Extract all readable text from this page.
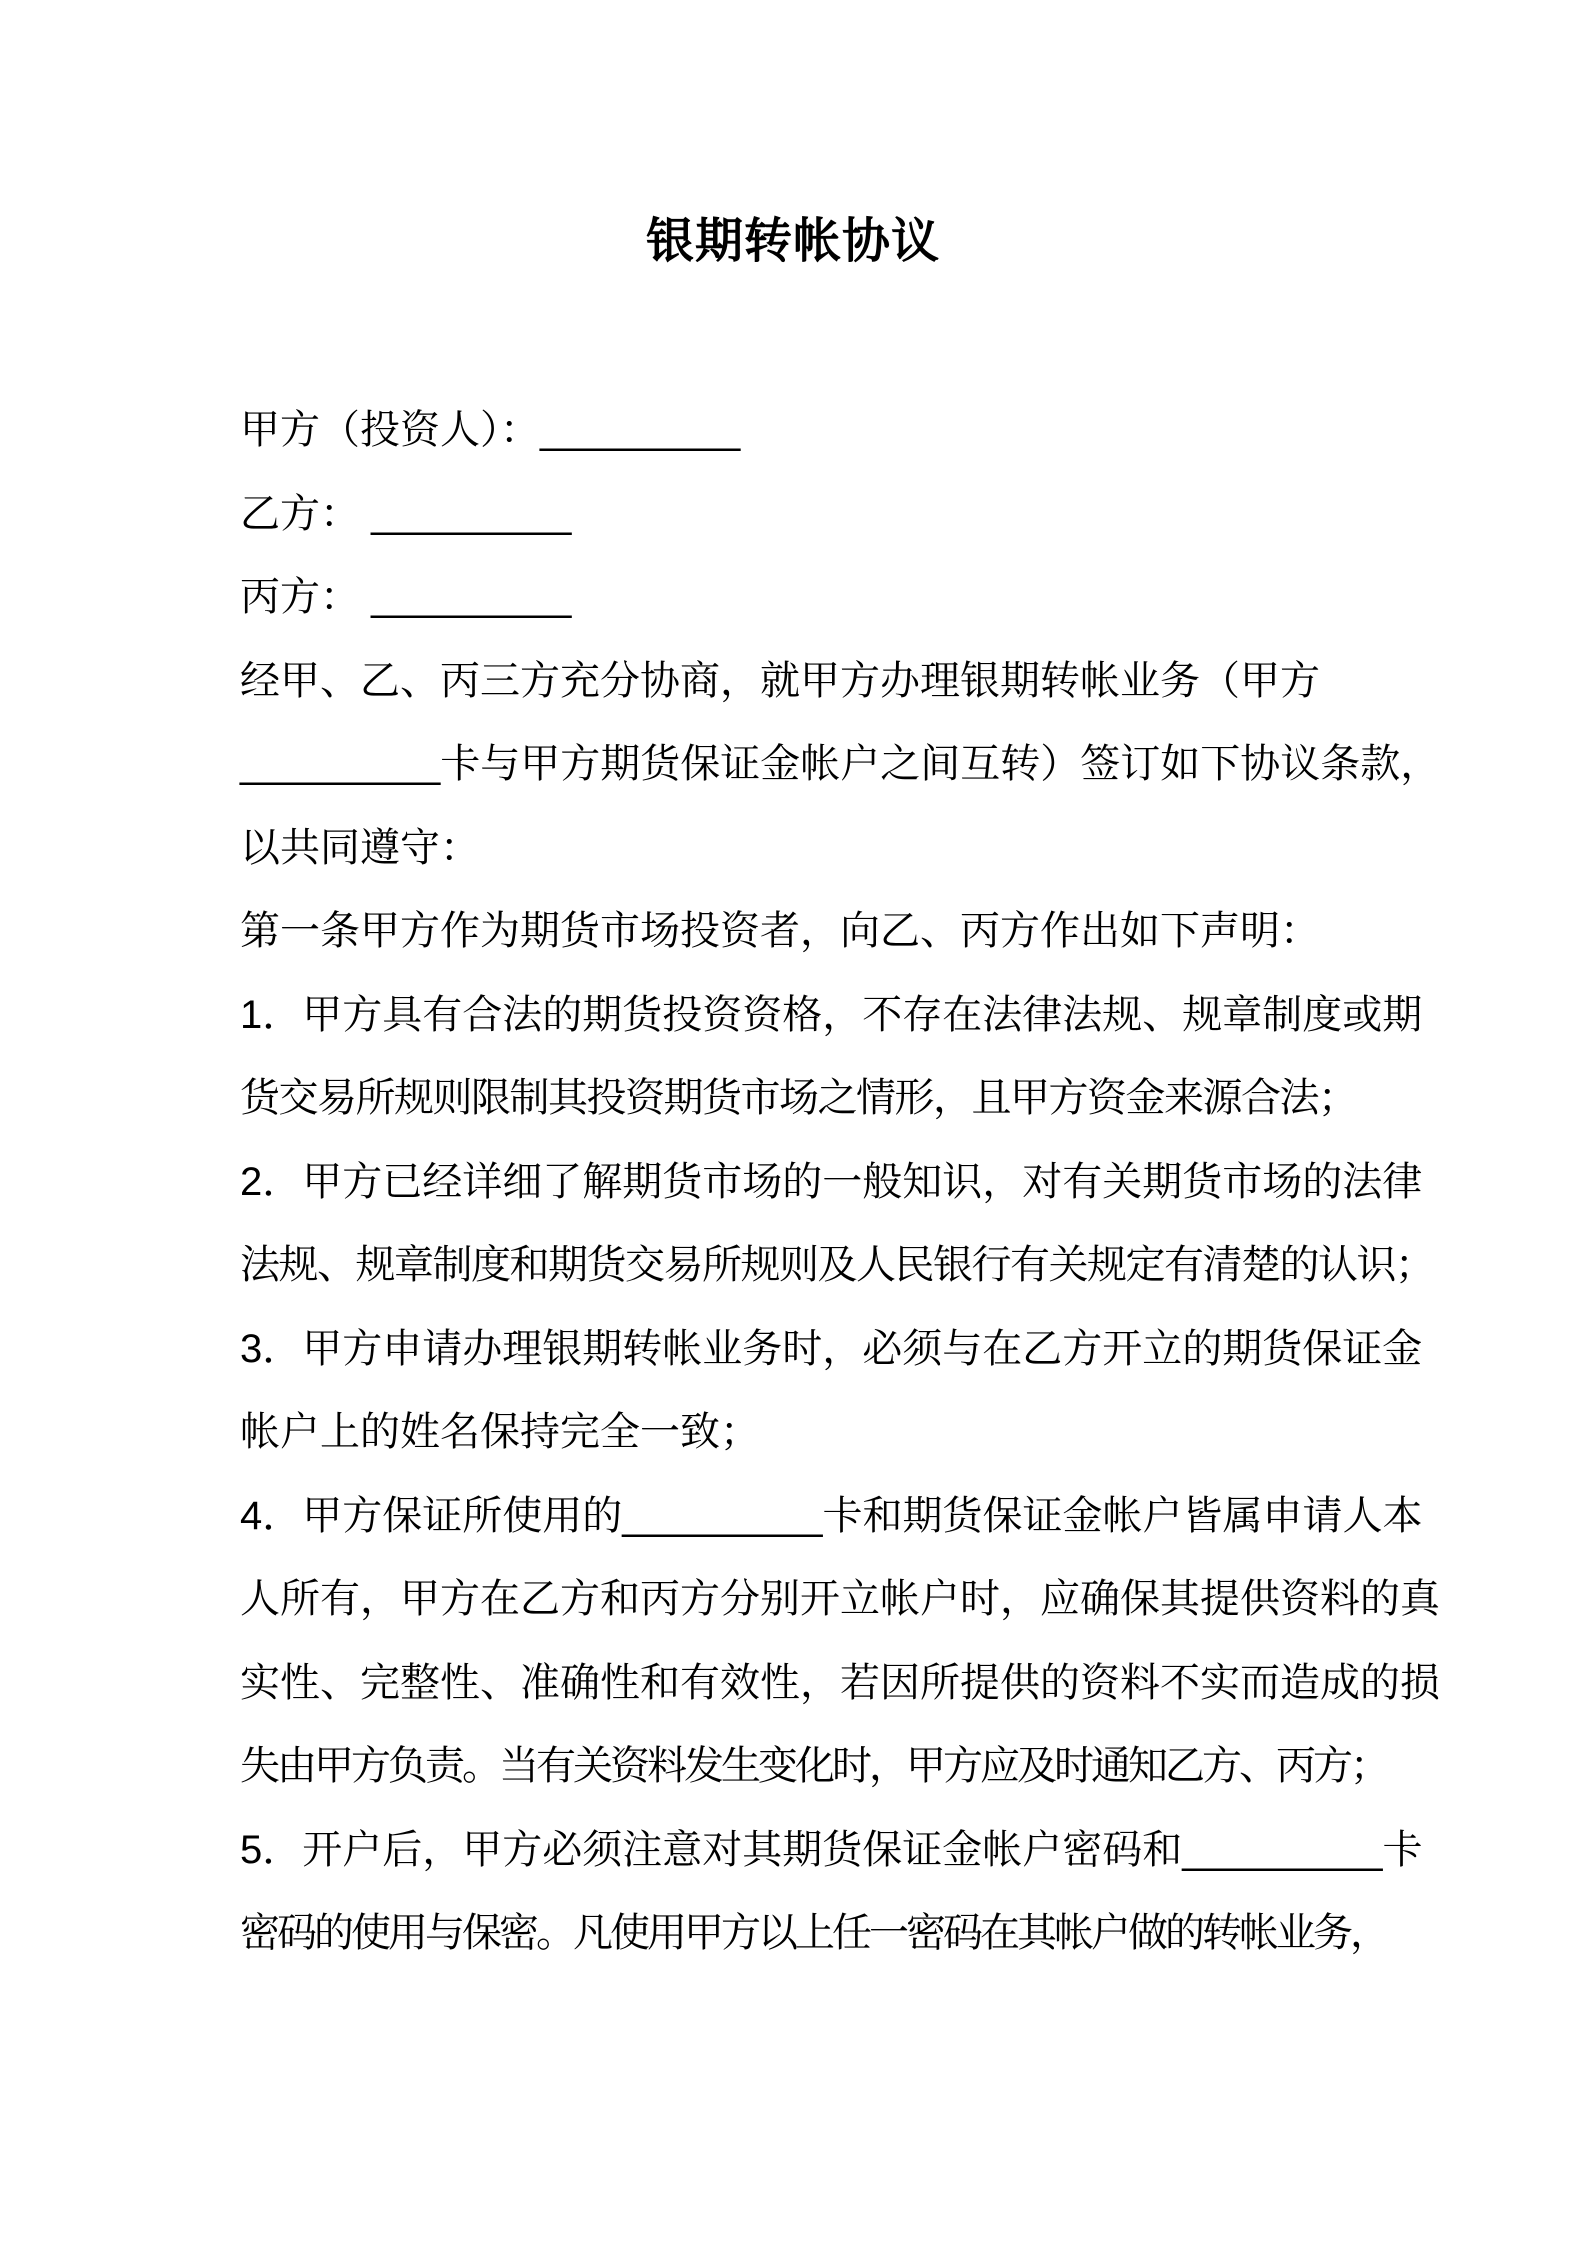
银期转帐协议
甲方（投资人）：_________
乙方： _________
丙方： _________
经甲、乙、丙三方充分协商，就甲方办理银期转帐业务（甲方
_________卡与甲方期货保证金帐户之间互转）签订如下协议条款，
以共同遵守：
第一条甲方作为期货市场投资者，向乙、丙方作出如下声明：
1．甲方具有合法的期货投资资格，不存在法律法规、规章制度或期
货交易所规则限制其投资期货市场之情形，且甲方资金来源合法；
2．甲方已经详细了解期货市场的一般知识，对有关期货市场的法律
法规、规章制度和期货交易所规则及人民银行有关规定有清楚的认识；
3．甲方申请办理银期转帐业务时，必须与在乙方开立的期货保证金
帐户上的姓名保持完全一致；
4．甲方保证所使用的_________卡和期货保证金帐户皆属申请人本
人所有，甲方在乙方和丙方分别开立帐户时，应确保其提供资料的真
实性、完整性、准确性和有效性，若因所提供的资料不实而造成的损
失由甲方负责。当有关资料发生变化时，甲方应及时通知乙方、丙方；
5．开户后，甲方必须注意对其期货保证金帐户密码和_________卡
密码的使用与保密。凡使用甲方以上任一密码在其帐户做的转帐业务，
